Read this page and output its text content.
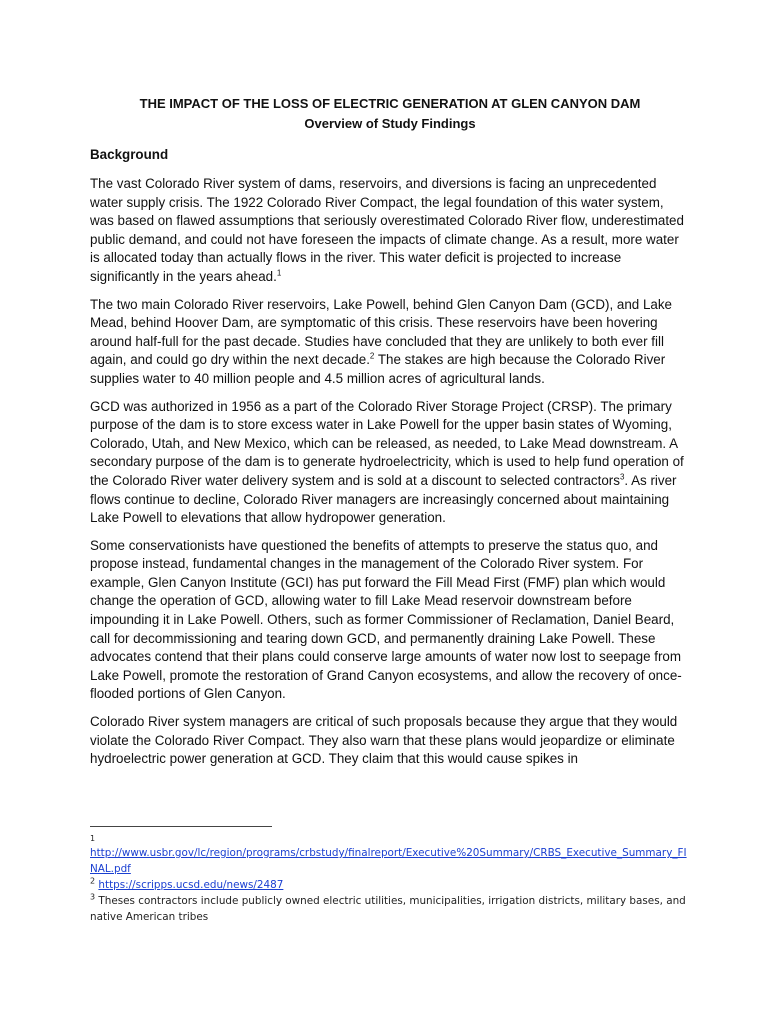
THE IMPACT OF THE LOSS OF ELECTRIC GENERATION AT GLEN CANYON DAM

Overview of Study Findings

Background

The vast Colorado River system of dams, reservoirs, and diversions is facing an unprecedented water supply crisis. The 1922 Colorado River Compact, the legal foundation of this water system, was based on flawed assumptions that seriously overestimated Colorado River flow, underestimated public demand, and could not have foreseen the impacts of climate change. As a result, more water is allocated today than actually flows in the river. This water deficit is projected to increase significantly in the years ahead.$^1$

The two main Colorado River reservoirs, Lake Powell, behind Glen Canyon Dam (GCD), and Lake Mead, behind Hoover Dam, are symptomatic of this crisis. These reservoirs have been hovering around half-full for the past decade. Studies have concluded that they are unlikely to both ever fill again, and could go dry within the next decade.$^2$ The stakes are high because the Colorado River supplies water to 40 million people and 4.5 million acres of agricultural lands.

GCD was authorized in 1956 as a part of the Colorado River Storage Project (CRSP). The primary purpose of the dam is to store excess water in Lake Powell for the upper basin states of Wyoming, Colorado, Utah, and New Mexico, which can be released, as needed, to Lake Mead downstream. A secondary purpose of the dam is to generate hydroelectricity, which is used to help fund operation of the Colorado River water delivery system and is sold at a discount to selected contractors$^3$. As river flows continue to decline, Colorado River managers are increasingly concerned about maintaining Lake Powell to elevations that allow hydropower generation.

Some conservationists have questioned the benefits of attempts to preserve the status quo, and propose instead, fundamental changes in the management of the Colorado River system. For example, Glen Canyon Institute (GCI) has put forward the Fill Mead First (FMF) plan which would change the operation of GCD, allowing water to fill Lake Mead reservoir downstream before impounding it in Lake Powell. Others, such as former Commissioner of Reclamation, Daniel Beard, call for decommissioning and tearing down GCD, and permanently draining Lake Powell. These advocates contend that their plans could conserve large amounts of water now lost to seepage from Lake Powell, promote the restoration of Grand Canyon ecosystems, and allow the recovery of once-flooded portions of Glen Canyon.

Colorado River system managers are critical of such proposals because they argue that they would violate the Colorado River Compact. They also warn that these plans would jeopardize or eliminate hydroelectric power generation at GCD. They claim that this would cause spikes in

1

http://www.usbr.gov/lc/region/programs/crbstudy/finalreport/Executive%20Summary/CRBS_Executive_Summary_FINAL.pdf

$^2$ https://scripps.ucsd.edu/news/2487

$^3$ Theses contractors include publicly owned electric utilities, municipalities, irrigation districts, military bases, and native American tribes
